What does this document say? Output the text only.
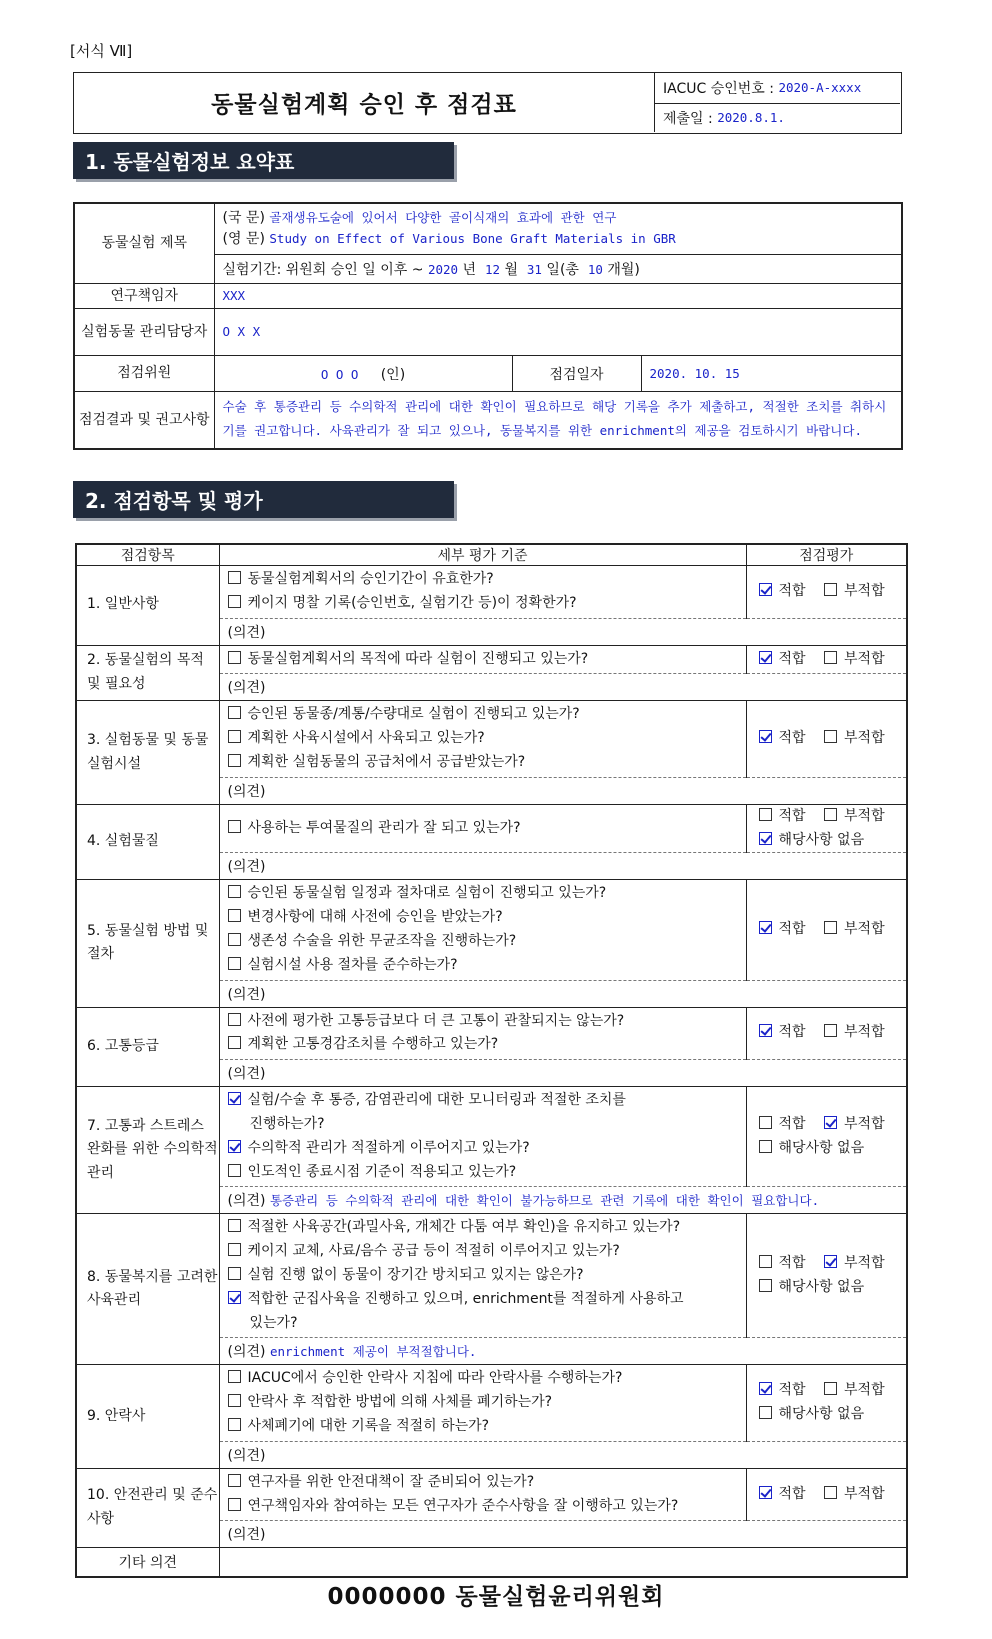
[서식 Ⅶ]
동물실험계획 승인 후 점검표
IACUC 승인번호 :
2020-A-xxxx
제출일 :
2020.8.1.
1. 동물실험정보 요약표
동물실험 제목	(국 문) 골재생유도술에 있어서 다양한 골이식재의 효과에 관한 연구
(영 문) Study on Effect of Various Bone Graft Materials in GBR		
	실험기간: 위원회 승인 일 이후 ~ 2020 년 12 월 31 일(총 10 개월)		
연구책임자	XXX		
실험동물 관리담당자	O X X		
점검위원	O O O (인)	점검일자	2020. 10. 15
점검결과 및 권고사항	수술 후 통증관리 등 수의학적 관리에 대한 확인이 필요하므로 해당 기록을 추가 제출하고, 적절한 조치를 취하시기를 권고합니다. 사육관리가 잘 되고 있으나, 동물복지를 위한 enrichment의 제공을 검토하시기 바랍니다.		
2. 점검항목 및 평가
점검항목	세부 평가 기준	점검평가
1. 일반사항	동물실험계획서의 승인기간이 유효한가?
케이지 명찰 기록(승인번호, 실험기간 등)이 정확한가?	적합 부적합
	(의견)	
2. 동물실험의 목적 및 필요성	동물실험계획서의 목적에 따라 실험이 진행되고 있는가?	적합 부적합
	(의견)	
3. 실험동물 및 동물실험시설	승인된 동물종/계통/수량대로 실험이 진행되고 있는가?
계획한 사육시설에서 사육되고 있는가?
계획한 실험동물의 공급처에서 공급받았는가?	적합 부적합
	(의견)	
4. 실험물질	사용하는 투여물질의 관리가 잘 되고 있는가?	적합 부적합
해당사항 없음
	(의견)	
5. 동물실험 방법 및 절차	승인된 동물실험 일정과 절차대로 실험이 진행되고 있는가?
변경사항에 대해 사전에 승인을 받았는가?
생존성 수술을 위한 무균조작을 진행하는가?
실험시설 사용 절차를 준수하는가?	적합 부적합
	(의견)	
6. 고통등급	사전에 평가한 고통등급보다 더 큰 고통이 관찰되지는 않는가?
계획한 고통경감조치를 수행하고 있는가?	적합 부적합
	(의견)	
7. 고통과 스트레스 완화를 위한 수의학적 관리	실험/수술 후 통증, 감염관리에 대한 모니터링과 적절한 조치를
진행하는가?
수의학적 관리가 적절하게 이루어지고 있는가?
인도적인 종료시점 기준이 적용되고 있는가?	적합 부적합
해당사항 없음
	(의견) 통증관리 등 수의학적 관리에 대한 확인이 불가능하므로 관련 기록에 대한 확인이 필요합니다.	
8. 동물복지를 고려한 사육관리	적절한 사육공간(과밀사육, 개체간 다툼 여부 확인)을 유지하고 있는가?
케이지 교체, 사료/음수 공급 등이 적절히 이루어지고 있는가?
실험 진행 없이 동물이 장기간 방치되고 있지는 않은가?
적합한 군집사육을 진행하고 있으며, enrichment를 적절하게 사용하고
있는가?	적합 부적합
해당사항 없음
	(의견) enrichment 제공이 부적절합니다.	
9. 안락사	IACUC에서 승인한 안락사 지침에 따라 안락사를 수행하는가?
안락사 후 적합한 방법에 의해 사체를 폐기하는가?
사체폐기에 대한 기록을 적절히 하는가?	적합 부적합
해당사항 없음
	(의견)	
10. 안전관리 및 준수사항	연구자를 위한 안전대책이 잘 준비되어 있는가?
연구책임자와 참여하는 모든 연구자가 준수사항을 잘 이행하고 있는가?	적합 부적합
	(의견)	
기타 의견		
0000000 동물실험윤리위원회
